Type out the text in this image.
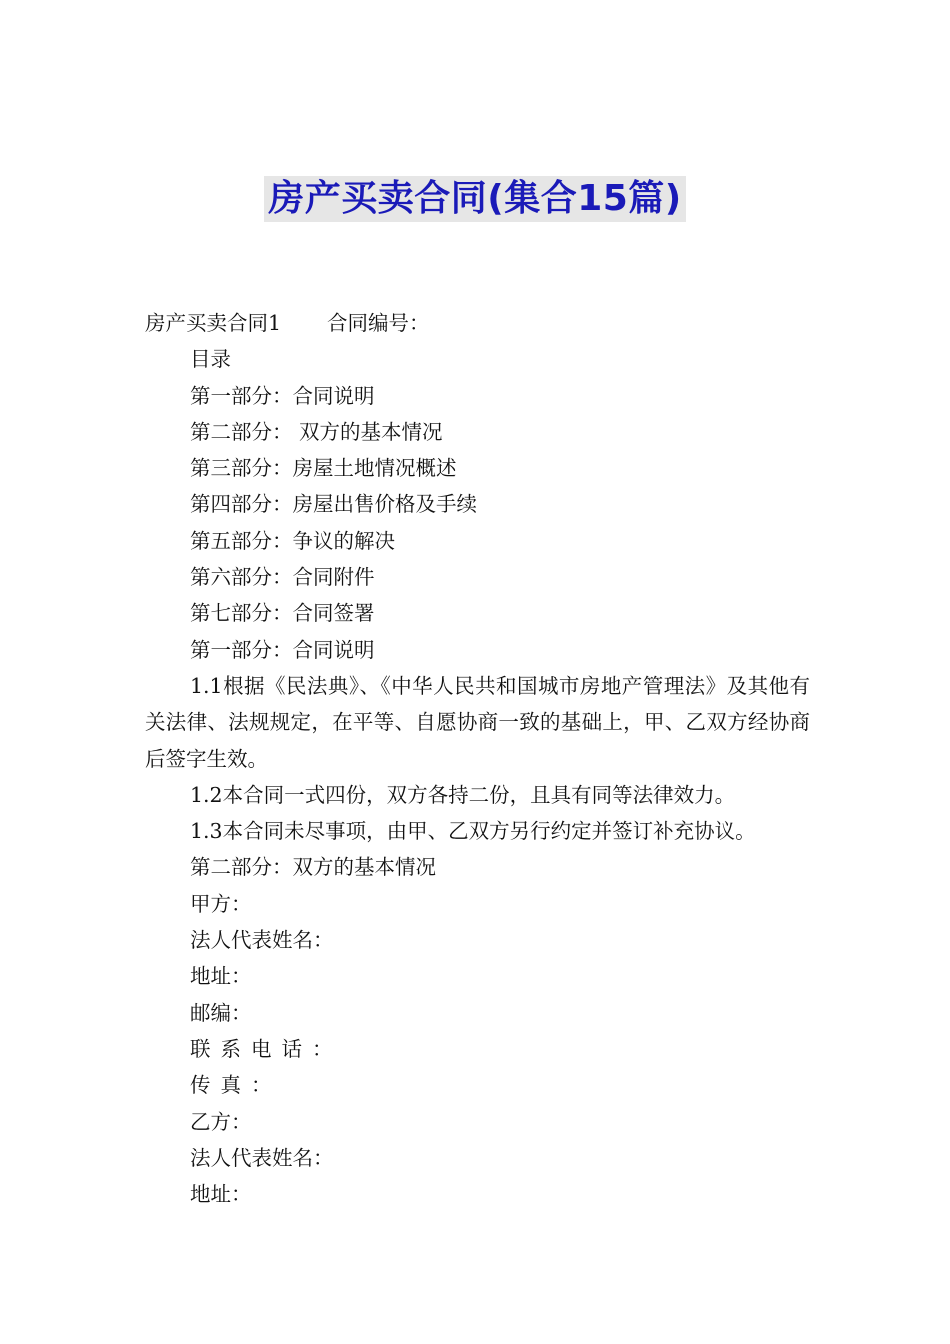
房产买卖合同(集合15篇)

房产买卖合同1 合同编号：

目录

第一部分：合同说明

第二部分： 双方的基本情况

第三部分：房屋土地情况概述

第四部分：房屋出售价格及手续

第五部分：争议的解决

第六部分：合同附件

第七部分：合同签署

第一部分：合同说明

1.1根据《民法典》、《中华人民共和国城市房地产管理法》及其他有关法律、法规规定，在平等、自愿协商一致的基础上，甲、乙双方经协商后签字生效。

1.2本合同一式四份，双方各持二份，且具有同等法律效力。

1.3本合同未尽事项，由甲、乙双方另行约定并签订补充协议。

第二部分：双方的基本情况

甲方：

法人代表姓名：

地址：

邮编：

联系电话：

传真：

乙方：

法人代表姓名：

地址：
